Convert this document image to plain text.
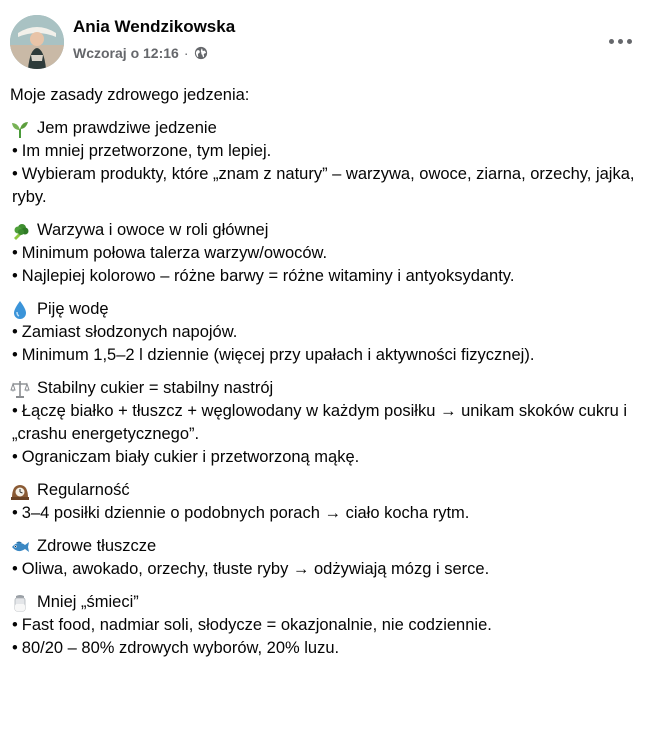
Ania Wendzikowska
Wczoraj o 12:16 ·
Moje zasady zdrowego jedzenia:
Jem prawdziwe jedzenie
• Im mniej przetworzone, tym lepiej.
• Wybieram produkty, które „znam z natury” – warzywa, owoce, ziarna, orzechy, jajka, ryby.
Warzywa i owoce w roli głównej
• Minimum połowa talerza warzyw/owoców.
• Najlepiej kolorowo – różne barwy = różne witaminy i antyoksydanty.
Piję wodę
• Zamiast słodzonych napojów.
• Minimum 1,5–2 l dziennie (więcej przy upałach i aktywności fizycznej).
Stabilny cukier = stabilny nastrój
• Łączę białko + tłuszcz + węglowodany w każdym posiłku → unikam skoków cukru i „crashu energetycznego”.
• Ograniczam biały cukier i przetworzoną mąkę.
Regularność
• 3–4 posiłki dziennie o podobnych porach → ciało kocha rytm.
Zdrowe tłuszcze
• Oliwa, awokado, orzechy, tłuste ryby → odżywiają mózg i serce.
Mniej „śmieci”
• Fast food, nadmiar soli, słodycze = okazjonalnie, nie codziennie.
• 80/20 – 80% zdrowych wyborów, 20% luzu.
